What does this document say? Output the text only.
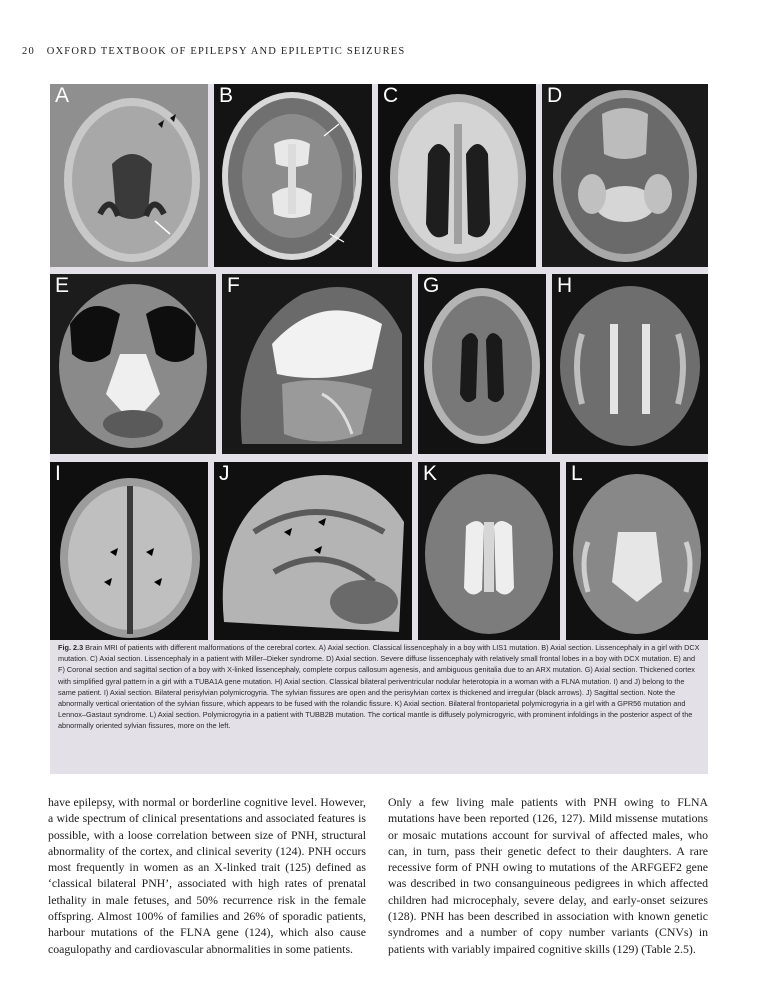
20 OXFORD TEXTBOOK OF EPILEPSY AND EPILEPTIC SEIZURES
A	B	C	D
E	F	G	H
I	J	K	L
Fig. 2.3 Brain MRI of patients with different malformations of the cerebral cortex. A) Axial section. Classical lissencephaly in a boy with LIS1 mutation. B) Axial section. Lissencephaly in a girl with DCX mutation. C) Axial section. Lissencephaly in a patient with Miller–Dieker syndrome. D) Axial section. Severe diffuse lissencephaly with relatively small frontal lobes in a boy with DCX mutation. E) and F) Coronal section and sagittal section of a boy with X-linked lissencephaly, complete corpus callosum agenesis, and ambiguous genitalia due to an ARX mutation. G) Axial section. Thickened cortex with simplified gyral pattern in a girl with a TUBA1A gene mutation. H) Axial section. Classical bilateral periventricular nodular heterotopia in a woman with a FLNA mutation. I) and J) belong to the same patient. I) Axial section. Bilateral perisylvian polymicrogyria. The sylvian fissures are open and the perisylvian cortex is thickened and irregular (black arrows). J) Sagittal section. Note the abnormally vertical orientation of the sylvian fissure, which appears to be fused with the rolandic fissure. K) Axial section. Bilateral frontoparietal polymicrogyria in a girl with a GPR56 mutation and Lennox–Gastaut syndrome. L) Axial section. Polymicrogyria in a patient with TUBB2B mutation. The cortical mantle is diffusely polymicrogyric, with prominent infoldings in the posterior aspect of the abnormally oriented sylvian fissures, more on the left.
have epilepsy, with normal or borderline cognitive level. However, a wide spectrum of clinical presentations and associated features is possible, with a loose correlation between size of PNH, structural abnormality of the cortex, and clinical severity (124). PNH occurs most frequently in women as an X-linked trait (125) defined as ‘classical bilateral PNH’, associated with high rates of prenatal lethality in male fetuses, and 50% recurrence risk in the female offspring. Almost 100% of families and 26% of sporadic patients, harbour mutations of the FLNA gene (124), which also cause coagulopathy and cardiovascular abnormalities in some patients.
Only a few living male patients with PNH owing to FLNA mutations have been reported (126, 127). Mild missense mutations or mosaic mutations account for survival of affected males, who can, in turn, pass their genetic defect to their daughters. A rare recessive form of PNH owing to mutations of the ARFGEF2 gene was described in two consanguineous pedigrees in which affected children had microcephaly, severe delay, and early-onset seizures (128). PNH has been described in association with known genetic syndromes and a number of copy number variants (CNVs) in patients with variably impaired cognitive skills (129) (Table 2.5).
